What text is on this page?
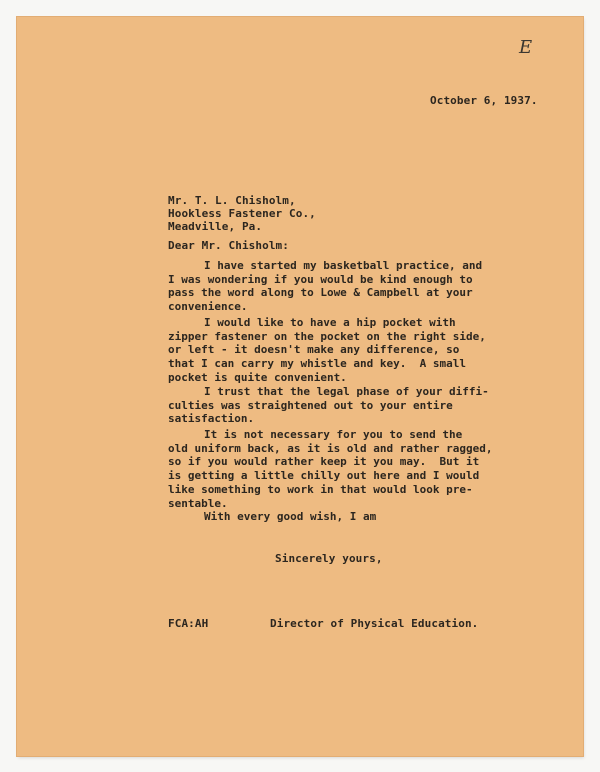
E
October 6, 1937.
Mr. T. L. Chisholm,
Hookless Fastener Co.,
Meadville, Pa.
Dear Mr. Chisholm:
I have started my basketball practice, and
I was wondering if you would be kind enough to
pass the word along to Lowe & Campbell at your
convenience.
I would like to have a hip pocket with
zipper fastener on the pocket on the right side,
or left - it doesn't make any difference, so
that I can carry my whistle and key.  A small
pocket is quite convenient.
I trust that the legal phase of your diffi-
culties was straightened out to your entire
satisfaction.
It is not necessary for you to send the
old uniform back, as it is old and rather ragged,
so if you would rather keep it you may.  But it
is getting a little chilly out here and I would
like something to work in that would look pre-
sentable.
With every good wish, I am
Sincerely yours,
FCA:AH	Director of Physical Education.
